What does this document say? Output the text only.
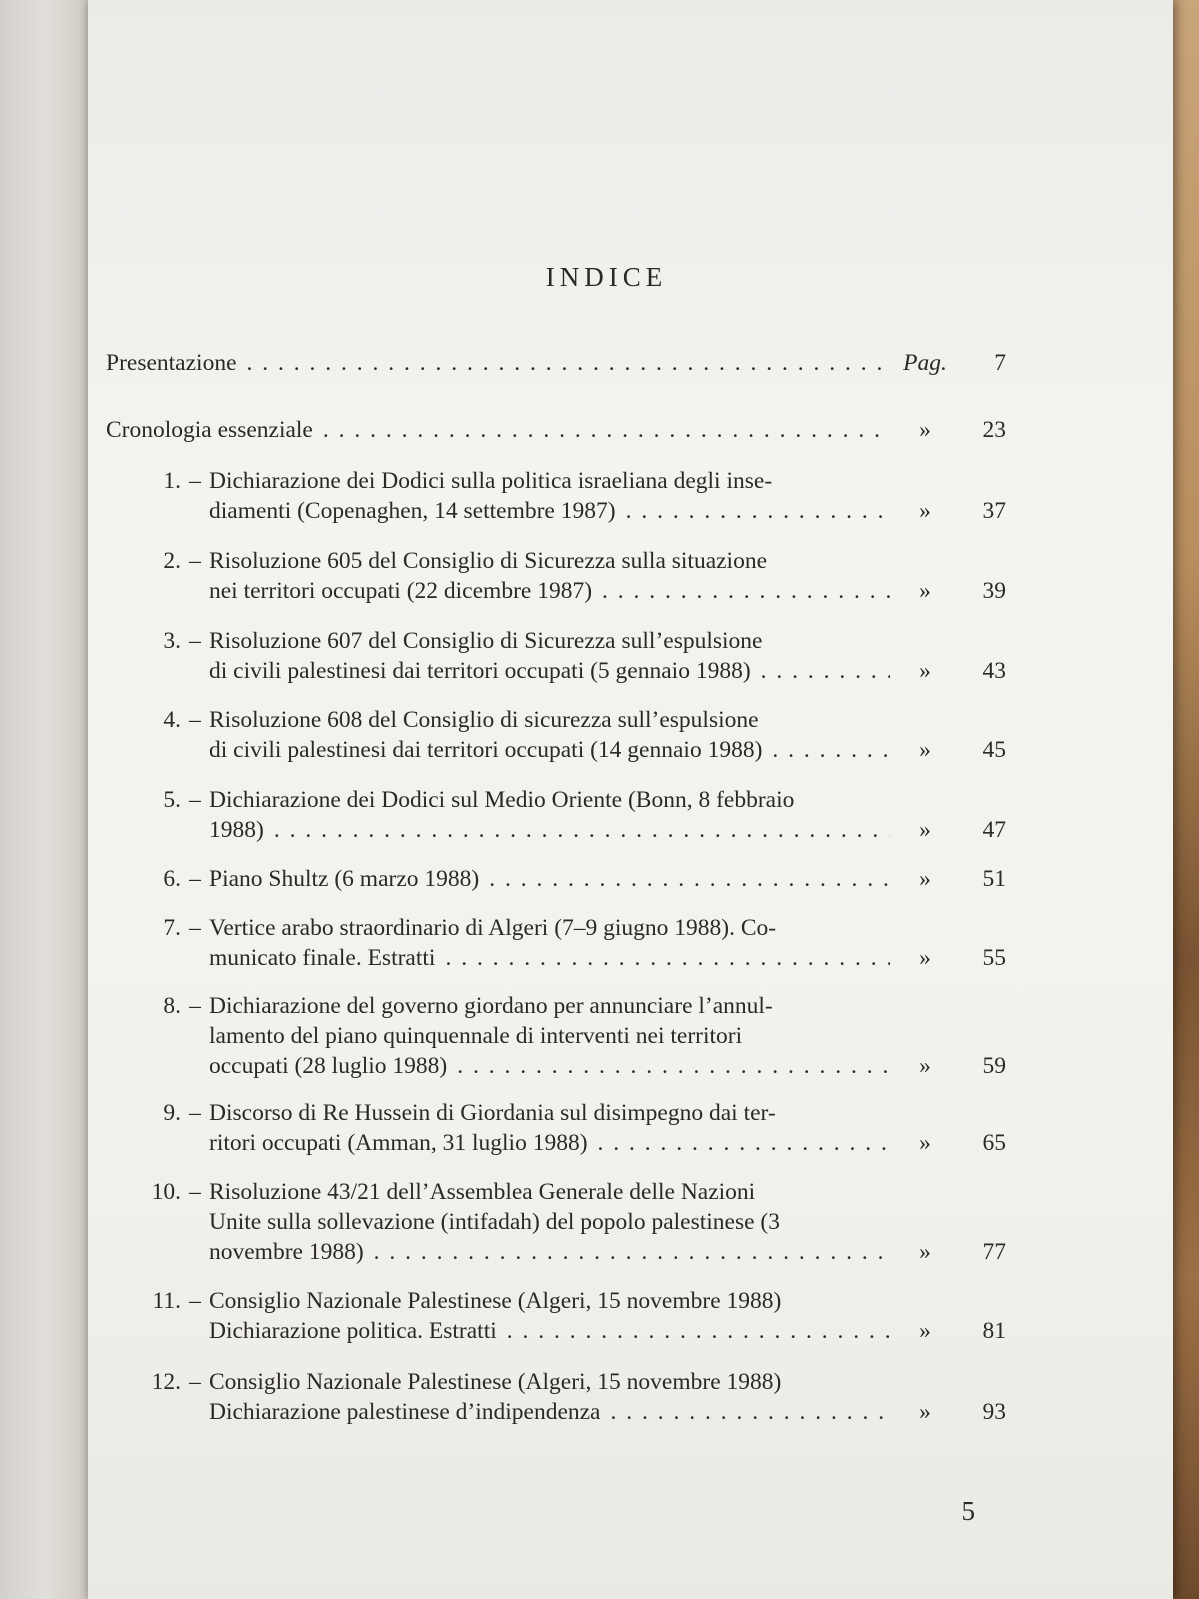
INDICE
Presentazione . . .	Pag.	7
Cronologia essenziale . . .	»	23
1. – Dichiarazione dei Dodici sulla politica israeliana degli inse-
diamenti (Copenaghen, 14 settembre 1987) . . .	»	37
2. – Risoluzione 605 del Consiglio di Sicurezza sulla situazione
nei territori occupati (22 dicembre 1987) . . .	»	39
3. – Risoluzione 607 del Consiglio di Sicurezza sull’espulsione
di civili palestinesi dai territori occupati (5 gennaio 1988) . . .	»	43
4. – Risoluzione 608 del Consiglio di sicurezza sull’espulsione
di civili palestinesi dai territori occupati (14 gennaio 1988) . . .	»	45
5. – Dichiarazione dei Dodici sul Medio Oriente (Bonn, 8 febbraio
1988) . . .	»	47
6. – Piano Shultz (6 marzo 1988) . . .	»	51
7. – Vertice arabo straordinario di Algeri (7–9 giugno 1988). Co-
municato finale. Estratti . . .	»	55
8. – Dichiarazione del governo giordano per annunciare l’annul-
lamento del piano quinquennale di interventi nei territori
occupati (28 luglio 1988) . . .	»	59
9. – Discorso di Re Hussein di Giordania sul disimpegno dai ter-
ritori occupati (Amman, 31 luglio 1988) . . .	»	65
10. – Risoluzione 43/21 dell’Assemblea Generale delle Nazioni
Unite sulla sollevazione (intifadah) del popolo palestinese (3
novembre 1988) . . .	»	77
11. – Consiglio Nazionale Palestinese (Algeri, 15 novembre 1988)
Dichiarazione politica. Estratti . . .	»	81
12. – Consiglio Nazionale Palestinese (Algeri, 15 novembre 1988)
Dichiarazione palestinese d’indipendenza . . .	»	93
5
